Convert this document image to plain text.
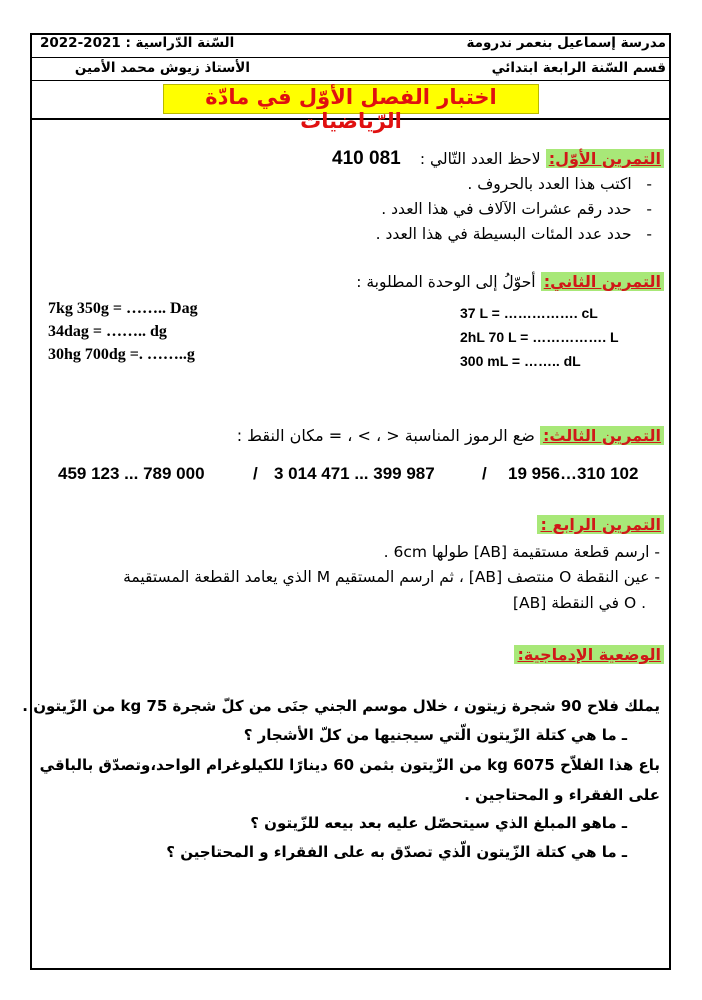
مدرسة إسماعيل بنعمر ندرومة
2022-2021 السّنة الدّراسية :
قسم السّنة الرابعة ابتدائي
الأستاذ زيوش محمد الأمين
اختبار الفصل الأوّل في مادّة الرّياضيات
التمرين الأوّل: لاحظ العدد التّالي : 410 081
-   اكتب هذا العدد بالحروف .
-   حدد رقم عشرات الآلاف في هذا العدد .
-   حدد عدد المئات البسيطة في هذا العدد .
التمرين الثاني: أحوّلُ إلى الوحدة المطلوبة :
7kg 350g = …….. Dag
34dag = …….. dg
30hg 700dg =. ……..g
37 L = ……………. cL
2hL 70 L = ……………. L
300 mL = …….. dL
التمرين الثالث: ضع الرموز المناسبة < ، > ، = مكان النقط :
19 956…310 102
/
3 014 471 ... 399 987
/
459 123 ... 789 000
التمرين الرابع :
- ارسم قطعة مستقيمة [AB] طولها 6cm .
- عين النقطة O منتصف [AB] ، ثم ارسم المستقيم M الذي يعامد القطعة المستقيمة
[AB] في النقطة O .
الوضعية الإدماجية:
يملك فلاح 90 شجرة زيتون ، خلال موسم الجني جنَى من كلّ شجرة 75 kg من الزّيتون .
ـ ما هي كتلة الزّيتون الّتي سيجنيها من كلّ الأشجار ؟
باع هذا الفلاّح 6075 kg من الزّيتون بثمن 60 دينارًا للكيلوغرام الواحد،وتصدّق بالباقي
على الفقراء و المحتاجين .
ـ ماهو المبلغ الذي سيتحصّل عليه بعد بيعه للزّيتون ؟
ـ ما هي كتلة الزّيتون الّذي تصدّق به على الفقراء و المحتاجين ؟
